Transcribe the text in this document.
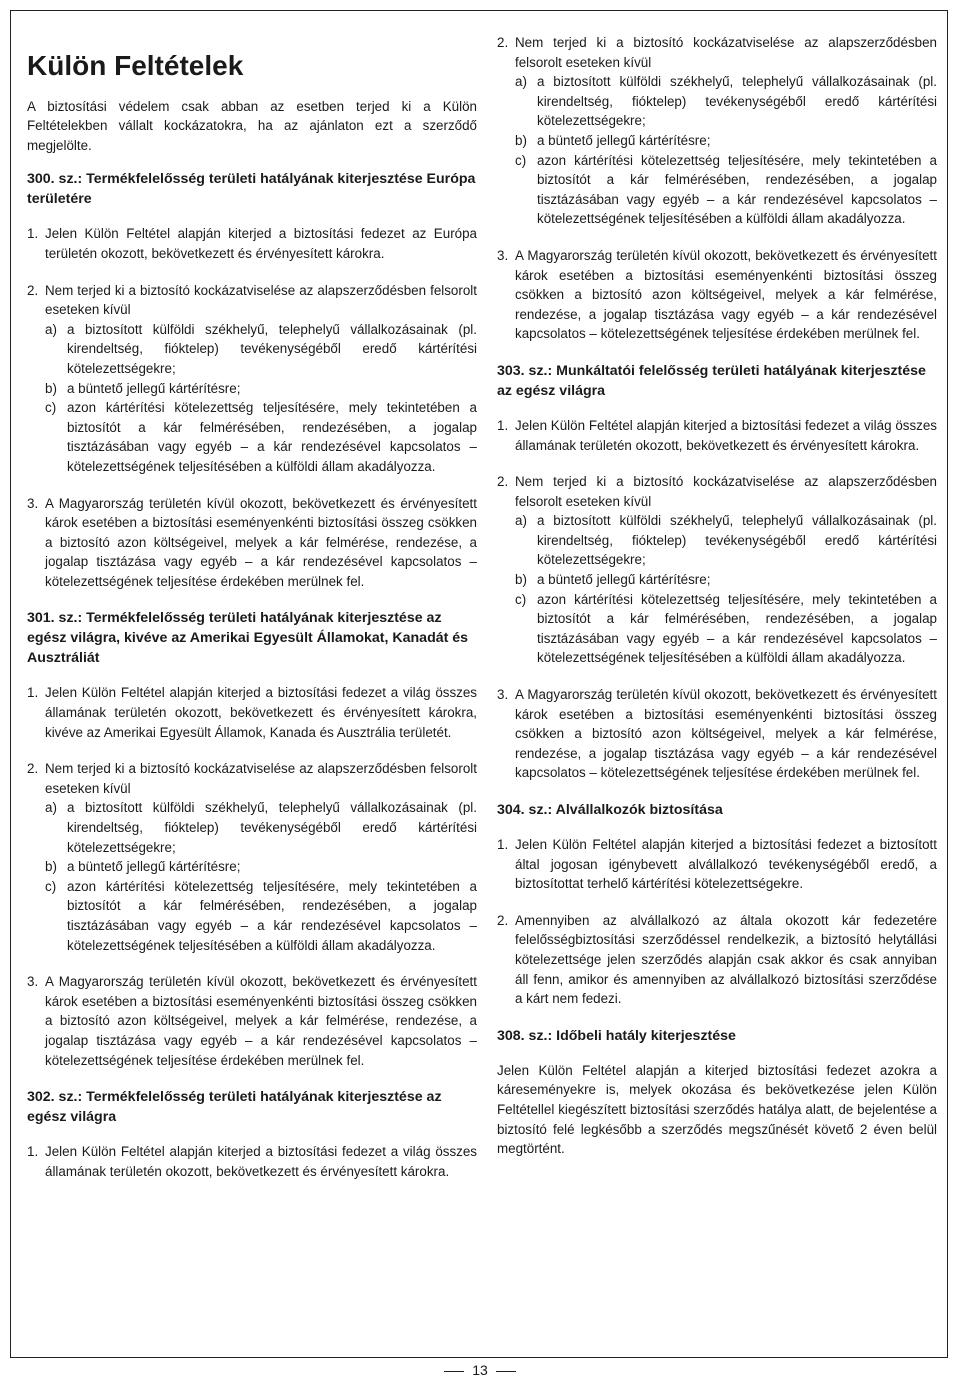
Külön Feltételek

A biztosítási védelem csak abban az esetben terjed ki a Külön Feltételekben vállalt kockázatokra, ha az ajánlaton ezt a szerződő megjelölte.

300. sz.: Termékfelelősség területi hatályának kiterjesztése Európa területére
1. Jelen Külön Feltétel alapján kiterjed a biztosítási fedezet az Európa területén okozott, bekövetkezett és érvényesített károkra.
2. Nem terjed ki a biztosító kockázatviselése az alapszerződésben felsorolt eseteken kívül
a) a biztosított külföldi székhelyű, telephelyű vállalkozásainak (pl. kirendeltség, fióktelep) tevékenységéből eredő kártérítési kötelezettségekre;
b) a büntető jellegű kártérítésre;
c) azon kártérítési kötelezettség teljesítésére, mely tekintetében a biztosítót a kár felmérésében, rendezésében, a jogalap tisztázásában vagy egyéb – a kár rendezésével kapcsolatos – kötelezettségének teljesítésében a külföldi állam akadályozza.
3. A Magyarország területén kívül okozott, bekövetkezett és érvényesített károk esetében a biztosítási eseményenkénti biztosítási összeg csökken a biztosító azon költségeivel, melyek a kár felmérése, rendezése, a jogalap tisztázása vagy egyéb – a kár rendezésével kapcsolatos – kötelezettségének teljesítése érdekében merülnek fel.
301. sz.: Termékfelelősség területi hatályának kiterjesztése az egész világra, kivéve az Amerikai Egyesült Államokat, Kanadát és Ausztráliát
1. Jelen Külön Feltétel alapján kiterjed a biztosítási fedezet a világ összes államának területén okozott, bekövetkezett és érvényesített károkra, kivéve az Amerikai Egyesült Államok, Kanada és Ausztrália területét.
2. Nem terjed ki a biztosító kockázatviselése az alapszerződésben felsorolt eseteken kívül
a) a biztosított külföldi székhelyű, telephelyű vállalkozásainak (pl. kirendeltség, fióktelep) tevékenységéből eredő kártérítési kötelezettségekre;
b) a büntető jellegű kártérítésre;
c) azon kártérítési kötelezettség teljesítésére, mely tekintetében a biztosítót a kár felmérésében, rendezésében, a jogalap tisztázásában vagy egyéb – a kár rendezésével kapcsolatos – kötelezettségének teljesítésében a külföldi állam akadályozza.
3. A Magyarország területén kívül okozott, bekövetkezett és érvényesített károk esetében a biztosítási eseményenkénti biztosítási összeg csökken a biztosító azon költségeivel, melyek a kár felmérése, rendezése, a jogalap tisztázása vagy egyéb – a kár rendezésével kapcsolatos – kötelezettségének teljesítése érdekében merülnek fel.
302. sz.: Termékfelelősség területi hatályának kiterjesztése az egész világra
1. Jelen Külön Feltétel alapján kiterjed a biztosítási fedezet a világ összes államának területén okozott, bekövetkezett és érvényesített károkra.
2. Nem terjed ki a biztosító kockázatviselése az alapszerződésben felsorolt eseteken kívül
a) a biztosított külföldi székhelyű, telephelyű vállalkozásainak (pl. kirendeltség, fióktelep) tevékenységéből eredő kártérítési kötelezettségekre;
b) a büntető jellegű kártérítésre;
c) azon kártérítési kötelezettség teljesítésére, mely tekintetében a biztosítót a kár felmérésében, rendezésében, a jogalap tisztázásában vagy egyéb – a kár rendezésével kapcsolatos – kötelezettségének teljesítésében a külföldi állam akadályozza.
3. A Magyarország területén kívül okozott, bekövetkezett és érvényesített károk esetében a biztosítási eseményenkénti biztosítási összeg csökken a biztosító azon költségeivel, melyek a kár felmérése, rendezése, a jogalap tisztázása vagy egyéb – a kár rendezésével kapcsolatos – kötelezettségének teljesítése érdekében merülnek fel.
303. sz.: Munkáltatói felelősség területi hatályának kiterjesztése az egész világra
1. Jelen Külön Feltétel alapján kiterjed a biztosítási fedezet a világ összes államának területén okozott, bekövetkezett és érvényesített károkra.
2. Nem terjed ki a biztosító kockázatviselése az alapszerződésben felsorolt eseteken kívül
a) a biztosított külföldi székhelyű, telephelyű vállalkozásainak (pl. kirendeltség, fióktelep) tevékenységéből eredő kártérítési kötelezettségekre;
b) a büntető jellegű kártérítésre;
c) azon kártérítési kötelezettség teljesítésére, mely tekintetében a biztosítót a kár felmérésében, rendezésében, a jogalap tisztázásában vagy egyéb – a kár rendezésével kapcsolatos – kötelezettségének teljesítésében a külföldi állam akadályozza.
3. A Magyarország területén kívül okozott, bekövetkezett és érvényesített károk esetében a biztosítási eseményenkénti biztosítási összeg csökken a biztosító azon költségeivel, melyek a kár felmérése, rendezése, a jogalap tisztázása vagy egyéb – a kár rendezésével kapcsolatos – kötelezettségének teljesítése érdekében merülnek fel.
304. sz.: Alvállalkozók biztosítása
1. Jelen Külön Feltétel alapján kiterjed a biztosítási fedezet a biztosított által jogosan igénybevett alvállalkozó tevékenységéből eredő, a biztosítottat terhelő kártérítési kötelezettségekre.
2. Amennyiben az alvállalkozó az általa okozott kár fedezetére felelősségbiztosítási szerződéssel rendelkezik, a biztosító helytállási kötelezettsége jelen szerződés alapján csak akkor és csak annyiban áll fenn, amikor és amennyiben az alvállalkozó biztosítási szerződése a kárt nem fedezi.
308. sz.: Időbeli hatály kiterjesztése

Jelen Külön Feltétel alapján a kiterjed biztosítási fedezet azokra a káreseményekre is, melyek okozása és bekövetkezése jelen Külön Feltétellel kiegészített biztosítási szerződés hatálya alatt, de bejelentése a biztosító felé legkésőbb a szerződés megszűnését követő 2 éven belül megtörtént.

13
